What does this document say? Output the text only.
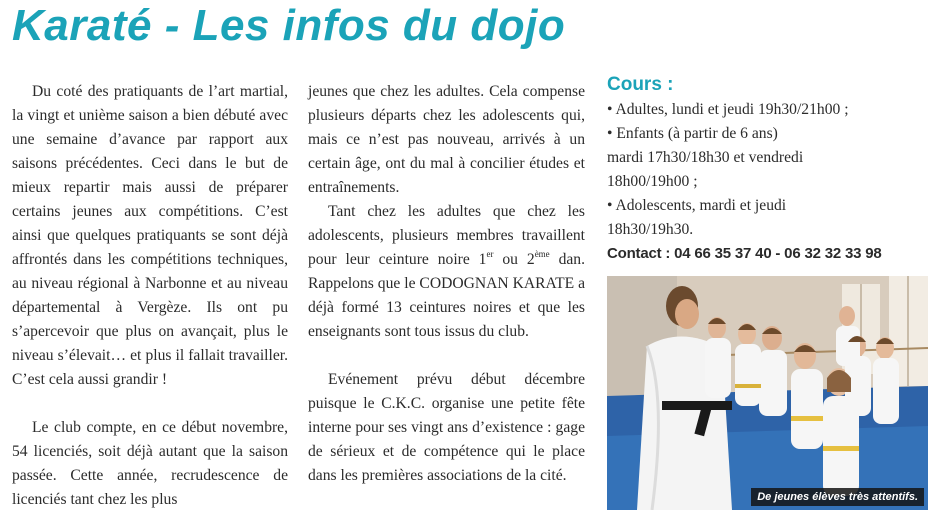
Karaté - Les infos du dojo

Du coté des pratiquants de l’art martial, la vingt et unième saison a bien débuté avec une semaine d’avance par rapport aux saisons précédentes. Ceci dans le but de mieux repartir mais aussi de préparer certains jeunes aux compétitions. C’est ainsi que quelques pratiquants se sont déjà affrontés dans les compétitions techniques, au niveau régional à Narbonne et au niveau départemental à Vergèze. Ils ont pu s’apercevoir que plus on avançait, plus le niveau s’élevait… et plus il fallait travailler. C’est cela aussi grandir !

Le club compte, en ce début novembre, 54 licenciés, soit déjà autant que la saison passée. Cette année, recrudescence de licenciés tant chez les plus

jeunes que chez les adultes. Cela compense plusieurs départs chez les adolescents qui, mais ce n’est pas nouveau, arrivés à un certain âge, ont du mal à concilier études et entraînements.

Tant chez les adultes que chez les adolescents, plusieurs membres travaillent pour leur ceinture noire 1er ou 2ème dan. Rappelons que le CODOGNAN KARATE a déjà formé 13 ceintures noires et que les enseignants sont tous issus du club.

Evénement prévu début décembre puisque le C.K.C. organise une petite fête interne pour ses vingt ans d’existence : gage de sérieux et de compétence qui le place dans les premières associations de la cité.

Cours :

• Adultes, lundi et jeudi 19h30/21h00 ;

• Enfants (à partir de 6 ans)

mardi 17h30/18h30 et vendredi

18h00/19h00 ;

• Adolescents, mardi et jeudi

18h30/19h30.

Contact : 04 66 35 37 40 - 06 32 32 33 98

De jeunes élèves très attentifs.
